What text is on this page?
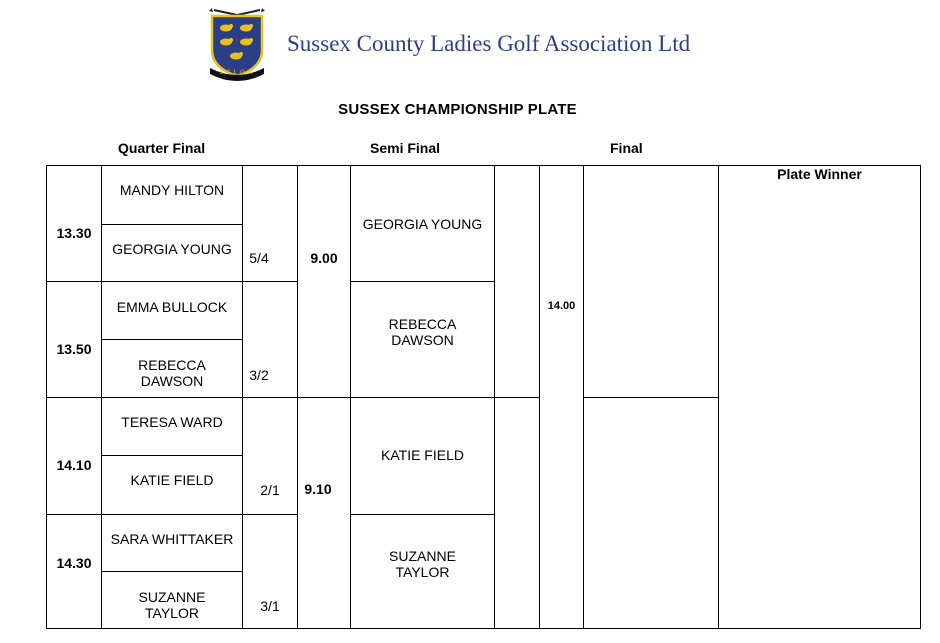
SCLGA
Sussex County Ladies Golf Association Ltd
SUSSEX CHAMPIONSHIP PLATE
Quarter Final	Semi Final	Final
13.30
13.50
14.10
14.30
MANDY HILTON
GEORGIA YOUNG
EMMA BULLOCK
REBECCA
DAWSON
TERESA WARD
KATIE FIELD
SARA WHITTAKER
SUZANNE
TAYLOR
5/4
3/2
2/1
3/1
9.00
9.10
GEORGIA YOUNG
REBECCA
DAWSON
KATIE FIELD
SUZANNE
TAYLOR
14.00
Plate Winner
